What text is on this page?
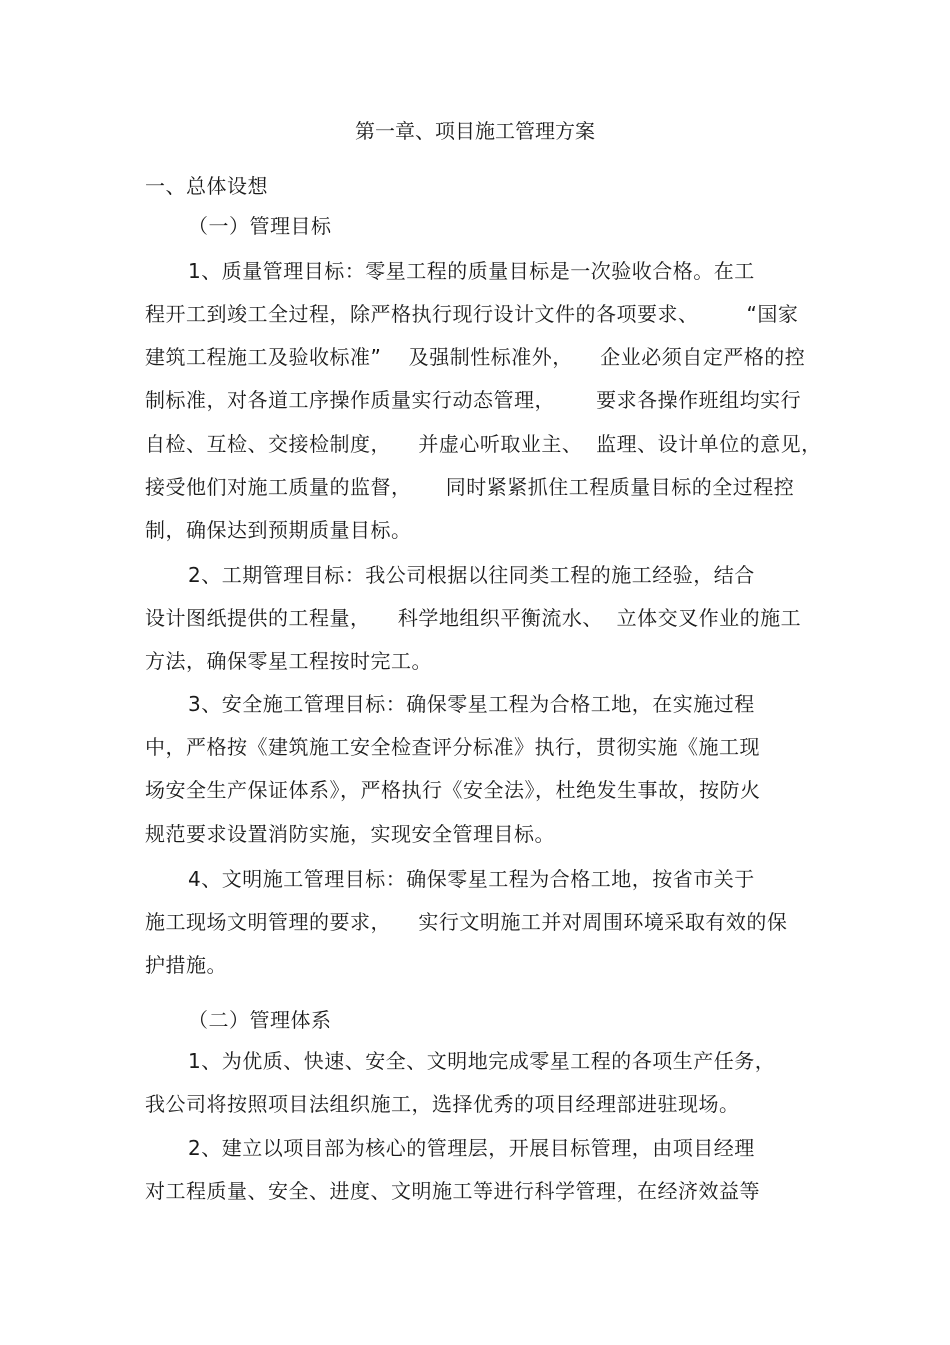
第一章、项目施工管理方案
一、总体设想
（一）管理目标
1、质量管理目标：零星工程的质量目标是一次验收合格。在工
程开工到竣工全过程，除严格执行现行设计文件的各项要求、       “国家
建筑工程施工及验收标准”    及强制性标准外，    企业必须自定严格的控
制标准，对各道工序操作质量实行动态管理，      要求各操作班组均实行
自检、互检、交接检制度，    并虚心听取业主、  监理、设计单位的意见，
接受他们对施工质量的监督，     同时紧紧抓住工程质量目标的全过程控
制，确保达到预期质量目标。
2、工期管理目标：我公司根据以往同类工程的施工经验，结合
设计图纸提供的工程量，    科学地组织平衡流水、  立体交叉作业的施工
方法，确保零星工程按时完工。
3、安全施工管理目标：确保零星工程为合格工地，在实施过程
中，严格按《建筑施工安全检查评分标准》执行，贯彻实施《施工现
场安全生产保证体系》，严格执行《安全法》，杜绝发生事故，按防火
规范要求设置消防实施，实现安全管理目标。
4、文明施工管理目标：确保零星工程为合格工地，按省市关于
施工现场文明管理的要求，    实行文明施工并对周围环境采取有效的保
护措施。
（二）管理体系
1、为优质、快速、安全、文明地完成零星工程的各项生产任务，
我公司将按照项目法组织施工，选择优秀的项目经理部进驻现场。
2、建立以项目部为核心的管理层，开展目标管理，由项目经理
对工程质量、安全、进度、文明施工等进行科学管理，在经济效益等
